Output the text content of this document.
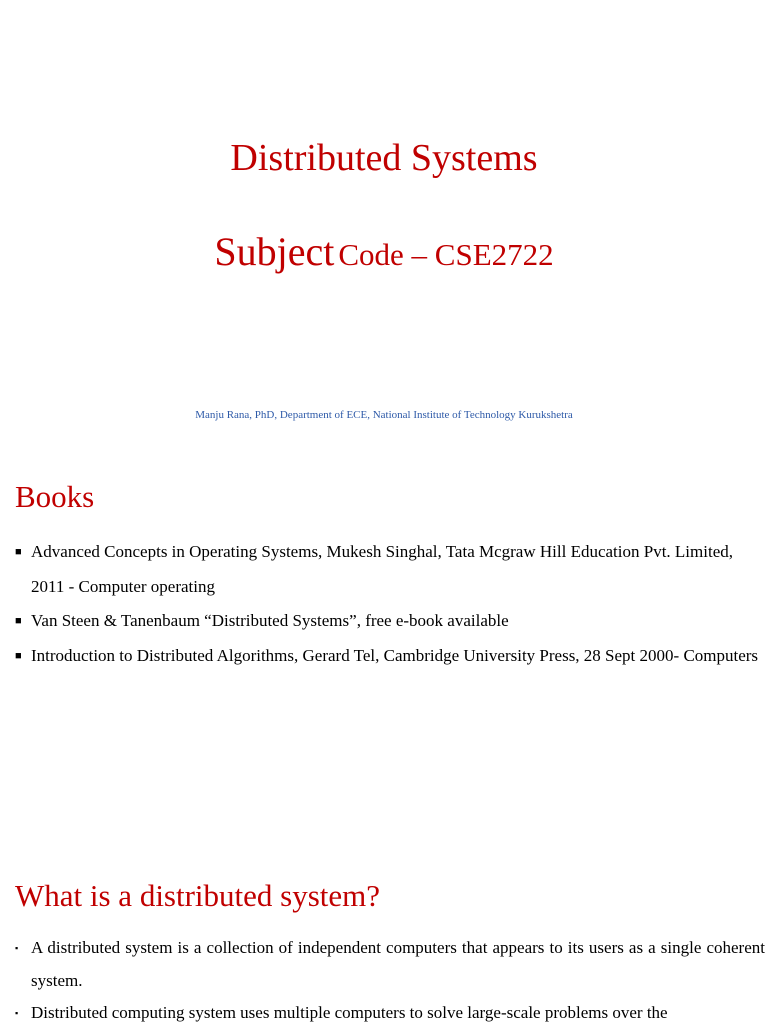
Distributed Systems
Subject Code – CSE2722
Manju Rana, PhD, Department of ECE, National Institute of Technology Kurukshetra
Books
■ Advanced Concepts in Operating Systems, Mukesh Singhal, Tata Mcgraw Hill Education Pvt. Limited, 2011 - Computer operating
■ Van Steen & Tanenbaum “Distributed Systems”, free e-book available
■ Introduction to Distributed Algorithms, Gerard Tel, Cambridge University Press, 28 Sept 2000- Computers
What is a distributed system?
▪ A distributed system is a collection of independent computers that appears to its users as a single coherent system.
▪ Distributed computing system uses multiple computers to solve large-scale problems over the
